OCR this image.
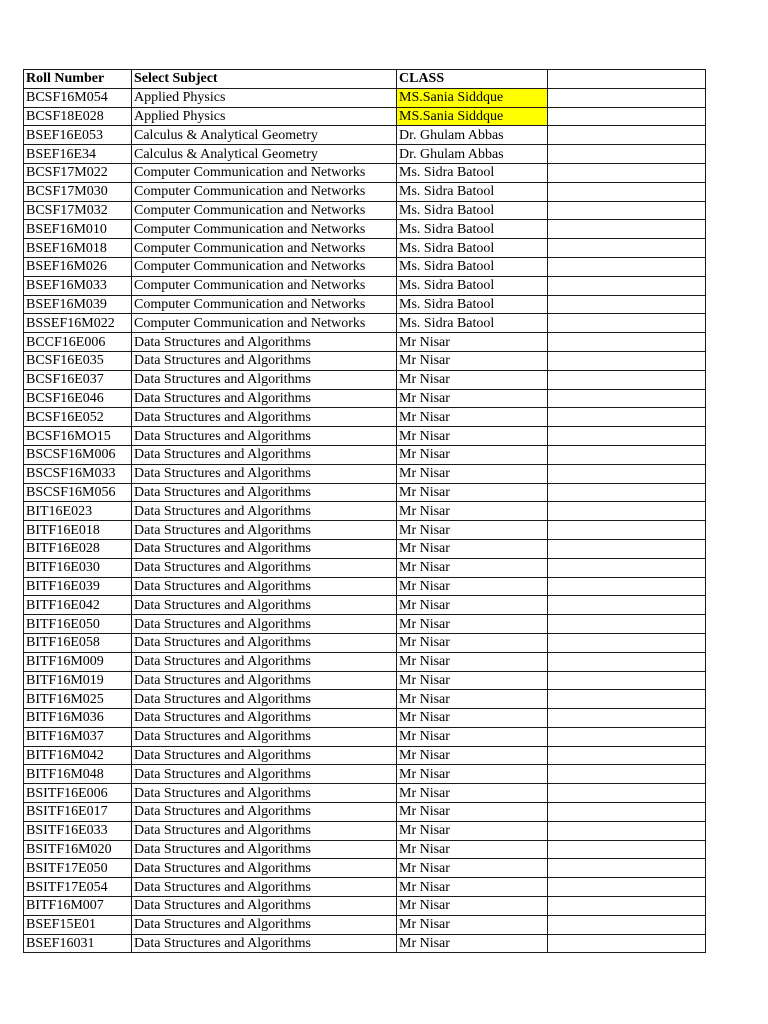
Roll Number	Select Subject	CLASS	
BCSF16M054	Applied Physics	MS.Sania Siddque	
BCSF18E028	Applied Physics	MS.Sania Siddque	
BSEF16E053	Calculus & Analytical Geometry	Dr. Ghulam Abbas	
BSEF16E34	Calculus & Analytical Geometry	Dr. Ghulam Abbas	
BCSF17M022	Computer Communication and Networks	Ms. Sidra Batool	
BCSF17M030	Computer Communication and Networks	Ms. Sidra Batool	
BCSF17M032	Computer Communication and Networks	Ms. Sidra Batool	
BSEF16M010	Computer Communication and Networks	Ms. Sidra Batool	
BSEF16M018	Computer Communication and Networks	Ms. Sidra Batool	
BSEF16M026	Computer Communication and Networks	Ms. Sidra Batool	
BSEF16M033	Computer Communication and Networks	Ms. Sidra Batool	
BSEF16M039	Computer Communication and Networks	Ms. Sidra Batool	
BSSEF16M022	Computer Communication and Networks	Ms. Sidra Batool	
BCCF16E006	Data Structures and Algorithms	Mr Nisar	
BCSF16E035	Data Structures and Algorithms	Mr Nisar	
BCSF16E037	Data Structures and Algorithms	Mr Nisar	
BCSF16E046	Data Structures and Algorithms	Mr Nisar	
BCSF16E052	Data Structures and Algorithms	Mr Nisar	
BCSF16MO15	Data Structures and Algorithms	Mr Nisar	
BSCSF16M006	Data Structures and Algorithms	Mr Nisar	
BSCSF16M033	Data Structures and Algorithms	Mr Nisar	
BSCSF16M056	Data Structures and Algorithms	Mr Nisar	
BIT16E023	Data Structures and Algorithms	Mr Nisar	
BITF16E018	Data Structures and Algorithms	Mr Nisar	
BITF16E028	Data Structures and Algorithms	Mr Nisar	
BITF16E030	Data Structures and Algorithms	Mr Nisar	
BITF16E039	Data Structures and Algorithms	Mr Nisar	
BITF16E042	Data Structures and Algorithms	Mr Nisar	
BITF16E050	Data Structures and Algorithms	Mr Nisar	
BITF16E058	Data Structures and Algorithms	Mr Nisar	
BITF16M009	Data Structures and Algorithms	Mr Nisar	
BITF16M019	Data Structures and Algorithms	Mr Nisar	
BITF16M025	Data Structures and Algorithms	Mr Nisar	
BITF16M036	Data Structures and Algorithms	Mr Nisar	
BITF16M037	Data Structures and Algorithms	Mr Nisar	
BITF16M042	Data Structures and Algorithms	Mr Nisar	
BITF16M048	Data Structures and Algorithms	Mr Nisar	
BSITF16E006	Data Structures and Algorithms	Mr Nisar	
BSITF16E017	Data Structures and Algorithms	Mr Nisar	
BSITF16E033	Data Structures and Algorithms	Mr Nisar	
BSITF16M020	Data Structures and Algorithms	Mr Nisar	
BSITF17E050	Data Structures and Algorithms	Mr Nisar	
BSITF17E054	Data Structures and Algorithms	Mr Nisar	
BITF16M007	Data Structures and Algorithms	Mr Nisar	
BSEF15E01	Data Structures and Algorithms	Mr Nisar	
BSEF16031	Data Structures and Algorithms	Mr Nisar	
